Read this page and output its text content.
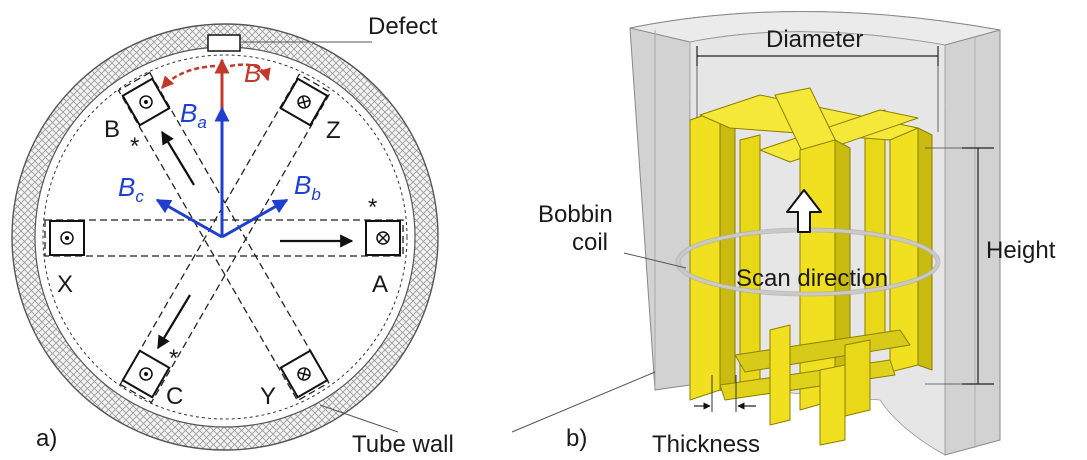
Defect
B
Ba
Bb
Bc
B	Z
X	A
C	Y
*
*
*
Tube wall
a)
Scan direction
Diameter
Height
Bobbin
coil
Thickness
b)
